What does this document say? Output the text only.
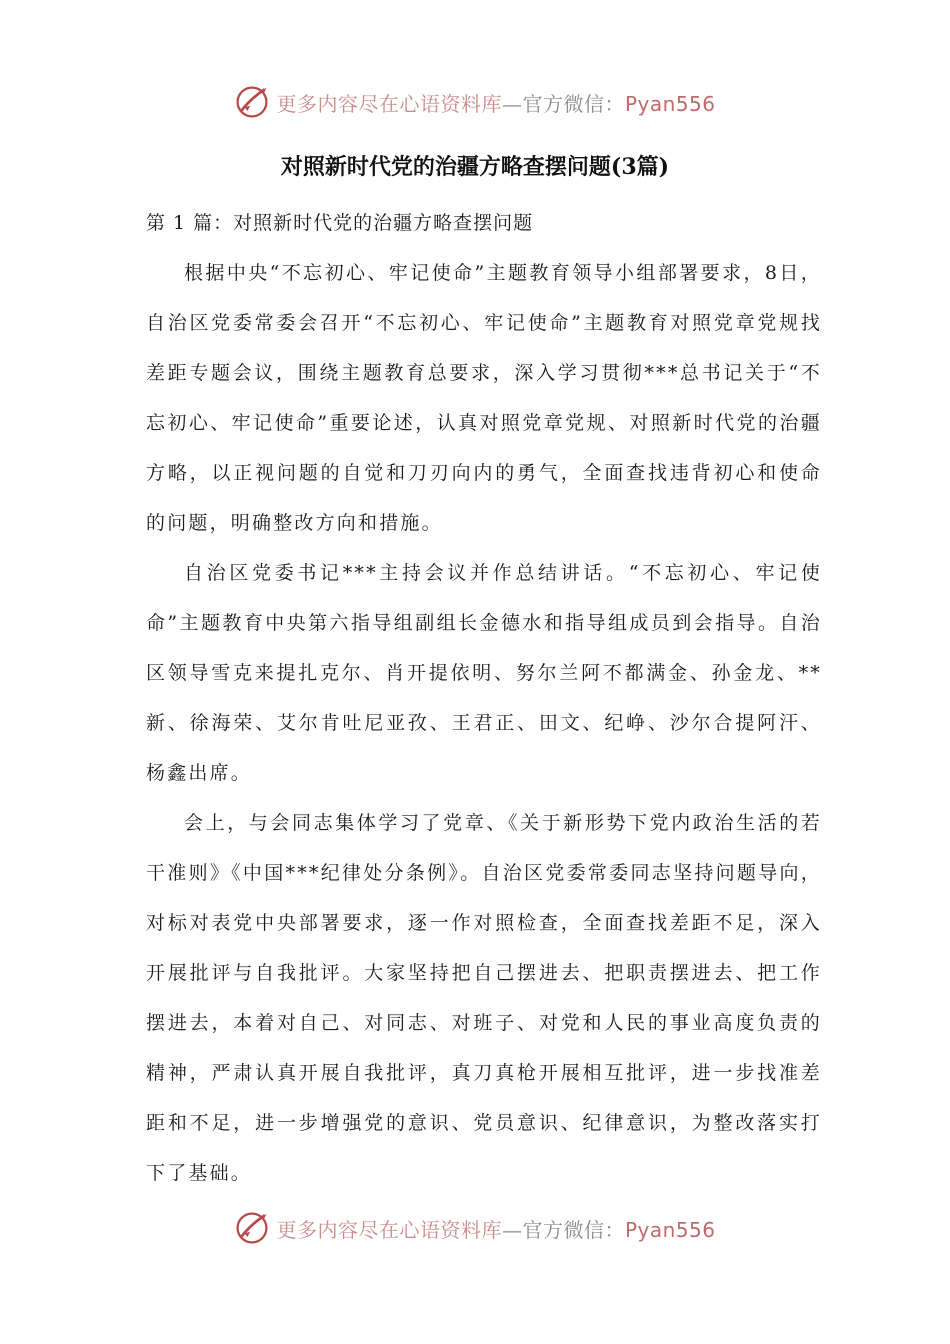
更多内容尽在心语资料库—官方微信：Pyan556
对照新时代党的治疆方略查摆问题(3篇)

第 1 篇：对照新时代党的治疆方略查摆问题

根据中央“不忘初心、牢记使命”主题教育领导小组部署要求，8日，自治区党委常委会召开“不忘初心、牢记使命”主题教育对照党章党规找差距专题会议，围绕主题教育总要求，深入学习贯彻***总书记关于“不忘初心、牢记使命”重要论述，认真对照党章党规、对照新时代党的治疆方略，以正视问题的自觉和刀刃向内的勇气，全面查找违背初心和使命的问题，明确整改方向和措施。

自治区党委书记***主持会议并作总结讲话。“不忘初心、牢记使命”主题教育中央第六指导组副组长金德水和指导组成员到会指导。自治区领导雪克来提扎克尔、肖开提依明、努尔兰阿不都满金、孙金龙、**新、徐海荣、艾尔肯吐尼亚孜、王君正、田文、纪峥、沙尔合提阿汗、杨鑫出席。

会上，与会同志集体学习了党章、《关于新形势下党内政治生活的若干准则》《中国***纪律处分条例》。自治区党委常委同志坚持问题导向，对标对表党中央部署要求，逐一作对照检查，全面查找差距不足，深入开展批评与自我批评。大家坚持把自己摆进去、把职责摆进去、把工作摆进去，本着对自己、对同志、对班子、对党和人民的事业高度负责的精神，严肃认真开展自我批评，真刀真枪开展相互批评，进一步找准差距和不足，进一步增强党的意识、党员意识、纪律意识，为整改落实打下了基础。

更多内容尽在心语资料库—官方微信：Pyan556
